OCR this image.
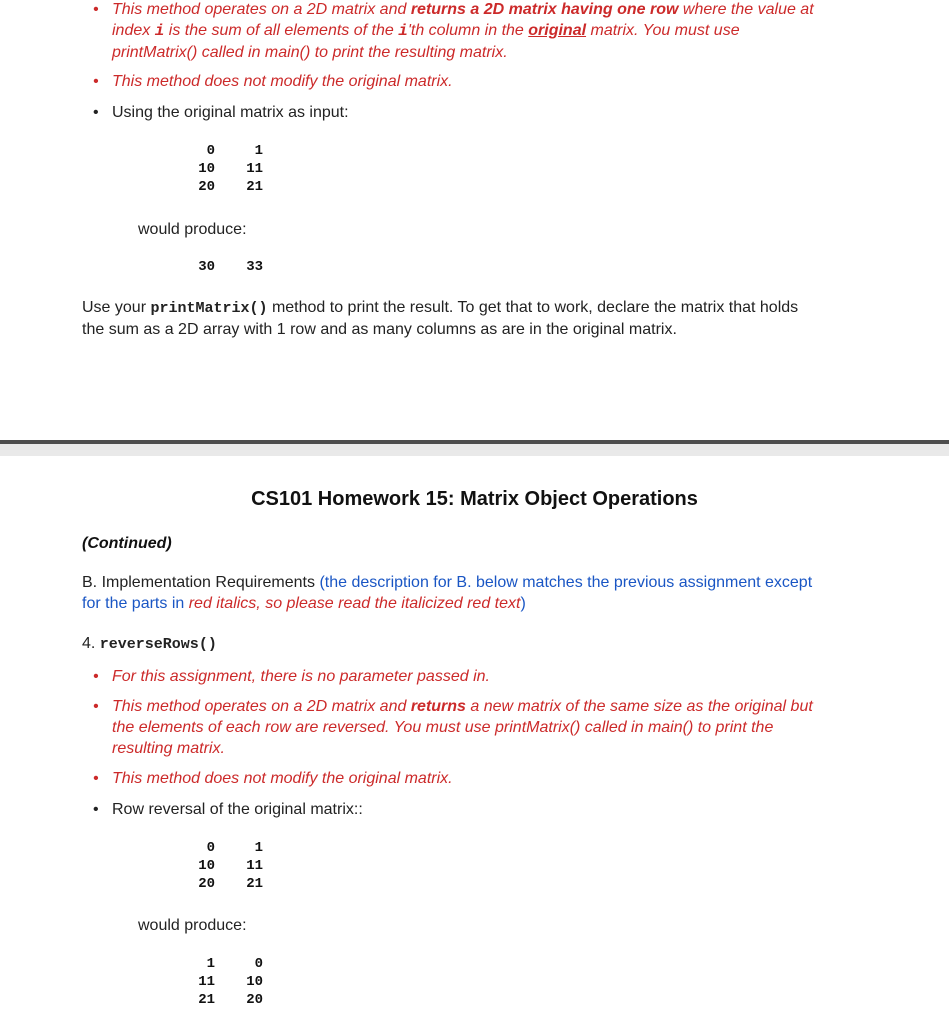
• This method operates on a 2D matrix and returns a 2D matrix having one row where the value at
index i is the sum of all elements of the i'th column in the original matrix. You must use
printMatrix() called in main() to print the resulting matrix.
• This method does not modify the original matrix.
• Using the original matrix as input:
0	1
10	11
20	21
would produce:
30	33
Use your printMatrix() method to print the result. To get that to work, declare the matrix that holds
the sum as a 2D array with 1 row and as many columns as are in the original matrix.
CS101 Homework 15: Matrix Object Operations
(Continued)
B. Implementation Requirements (the description for B. below matches the previous assignment except
for the parts in red italics, so please read the italicized red text)
4. reverseRows()
• For this assignment, there is no parameter passed in.
• This method operates on a 2D matrix and returns a new matrix of the same size as the original but
the elements of each row are reversed. You must use printMatrix() called in main() to print the
resulting matrix.
• This method does not modify the original matrix.
• Row reversal of the original matrix::
0	1
10	11
20	21
would produce:
1	0
11	10
21	20
